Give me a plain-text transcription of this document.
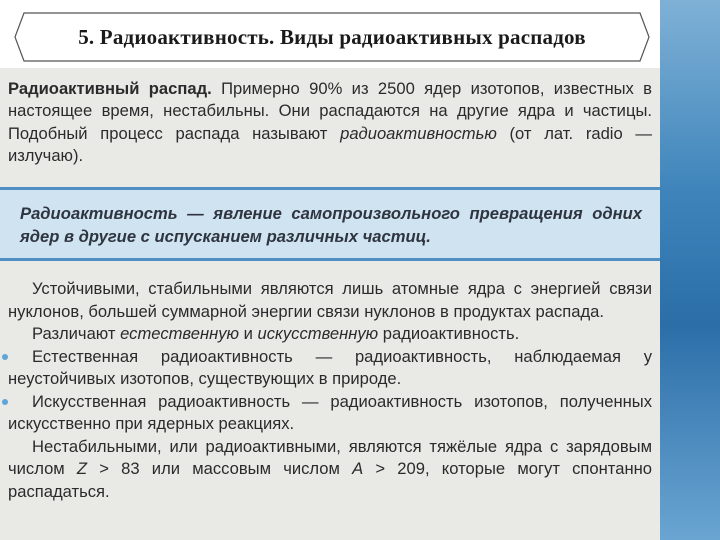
5. Радиоактивность. Виды радиоактивных распадов

Радиоактивный распад. Примерно 90% из 2500 ядер изотопов, известных в настоящее время, нестабильны. Они распадаются на другие ядра и частицы. Подобный процесс распада называют радиоактивностью (от лат. radio — излучаю).

Радиоактивность — явление самопроизвольного превращения одних ядер в другие с испусканием различных частиц.

Устойчивыми, стабильными являются лишь атомные ядра с энергией связи нуклонов, большей суммарной энергии связи нуклонов в продуктах распада.

Различают естественную и искусственную радиоактивность.

Естественная радиоактивность — радиоактивность, наблюдаемая у неустойчивых изотопов, существующих в природе.

Искусственная радиоактивность — радиоактивность изотопов, полученных искусственно при ядерных реакциях.

Нестабильными, или радиоактивными, являются тяжёлые ядра с зарядовым числом Z > 83 или массовым числом A > 209, которые могут спонтанно распадаться.
